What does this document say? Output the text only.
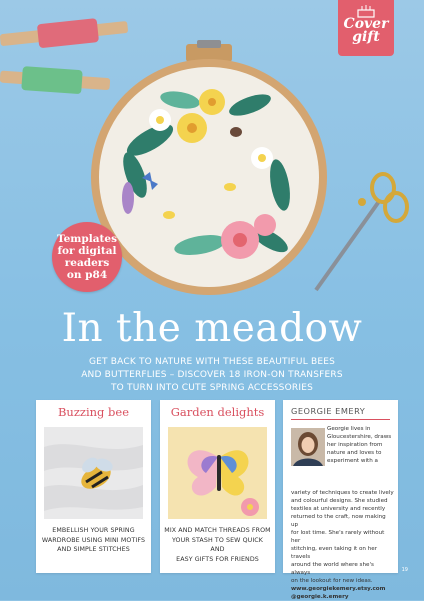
Cover
gift
Templates for digital readers on p84
In the meadow
GET BACK TO NATURE WITH THESE BEAUTIFUL BEES
AND BUTTERFLIES – DISCOVER 18 IRON-ON TRANSFERS
TO TURN INTO CUTE SPRING ACCESSORIES
Buzzing bee
EMBELLISH YOUR SPRING
WARDROBE USING MINI MOTIFS
AND SIMPLE STITCHES
Garden delights
MIX AND MATCH THREADS FROM
YOUR STASH TO SEW QUICK AND
EASY GIFTS FOR FRIENDS

GEORGIE EMERY

Georgie lives in
Gloucestershire, draws
her inspiration from
nature and loves to
experiment with a
variety of techniques to create lively
and colourful designs. She studied
textiles at university and recently
returned to the craft, now making up
for lost time. She's rarely without her
stitching, even taking it on her travels
around the world where she's always
on the lookout for new ideas.
www.georgiekemery.etsy.com
@georgie.k.emery
19
